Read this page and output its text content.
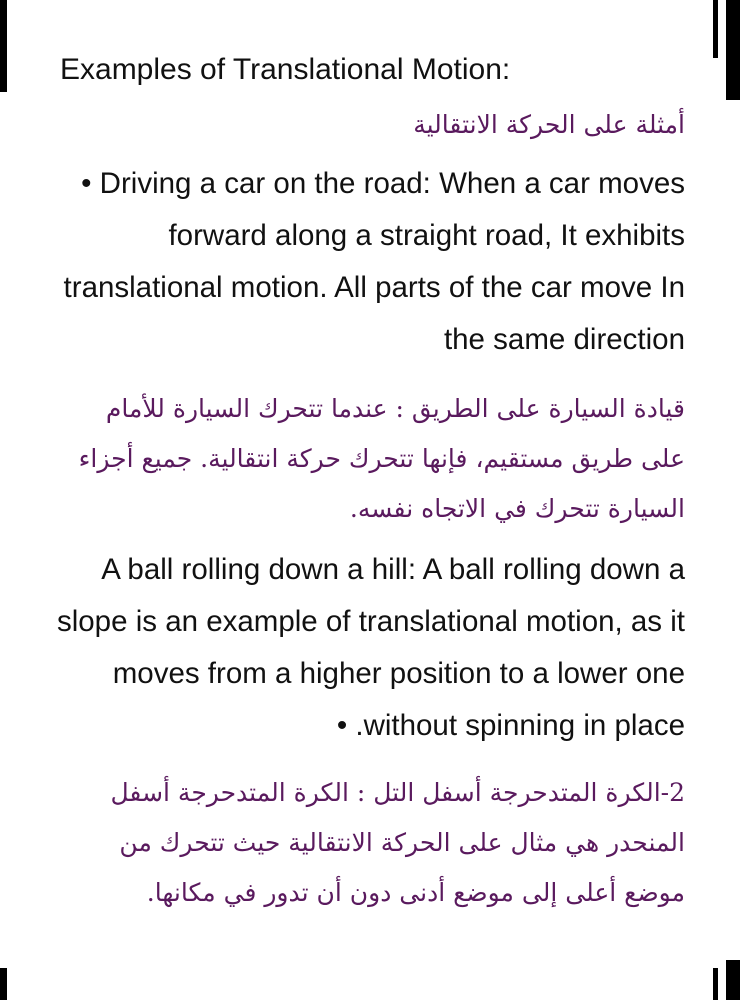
Examples of Translational Motion:

أمثلة على الحركة الانتقالية

• Driving a car on the road: When a car moves forward along a straight road, It exhibits translational motion. All parts of the car move In the same direction

قيادة السيارة على الطريق : عندما تتحرك السيارة للأمام على طريق مستقيم، فإنها تتحرك حركة انتقالية. جميع أجزاء السيارة تتحرك في الاتجاه نفسه.

A ball rolling down a hill: A ball rolling down a slope is an example of translational motion, as it moves from a higher position to a lower one without spinning in place. •

2-الكرة المتدحرجة أسفل التل : الكرة المتدحرجة أسفل المنحدر هي مثال على الحركة الانتقالية حيث تتحرك من موضع أعلى إلى موضع أدنى دون أن تدور في مكانها.
